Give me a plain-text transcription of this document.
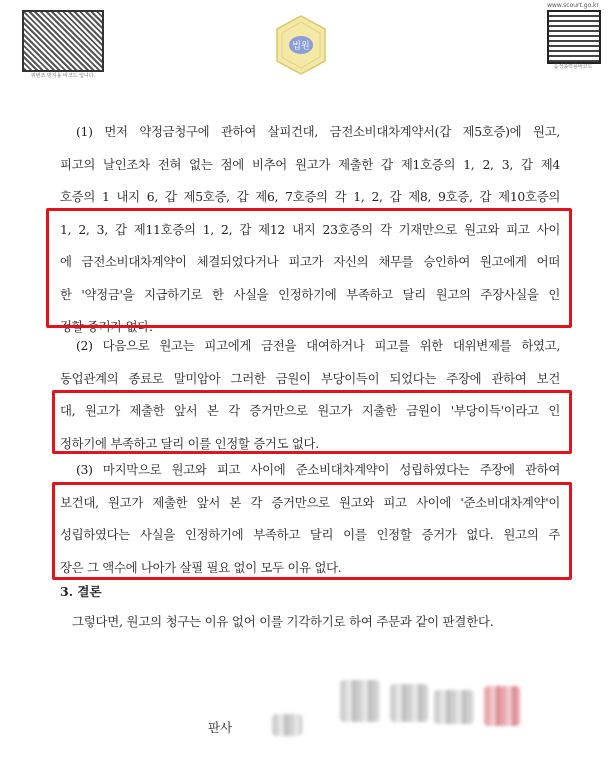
위변조 방지용 바코드 입니다.
법원
www.scourt.go.kr
음성출력용바코드
(1) 먼저 약정금청구에 관하여 살피건대, 금전소비대차계약서(갑 제5호증)에 원고,
피고의 날인조차 전혀 없는 점에 비추어 원고가 제출한 갑 제1호증의 1, 2, 3, 갑 제4
호증의 1 내지 6, 갑 제5호증, 갑 제6, 7호증의 각 1, 2, 갑 제8, 9호증, 갑 제10호증의
1, 2, 3, 갑 제11호증의 1, 2, 갑 제12 내지 23호증의 각 기재만으로 원고와 피고 사이
에 금전소비대차계약이 체결되었다거나 피고가 자신의 채무를 승인하여 원고에게 어떠
한 '약정금'을 지급하기로 한 사실을 인정하기에 부족하고 달리 원고의 주장사실을 인
정할 증거가 없다.
(2) 다음으로 원고는 피고에게 금전을 대여하거나 피고를 위한 대위변제를 하였고,
동업관계의 종료로 말미암아 그러한 금원이 부당이득이 되었다는 주장에 관하여 보건
대, 원고가 제출한 앞서 본 각 증거만으로 원고가 지출한 금원이 '부당이득'이라고 인
정하기에 부족하고 달리 이를 인정할 증거도 없다.
(3) 마지막으로 원고와 피고 사이에 준소비대차계약이 성립하였다는 주장에 관하여
보건대, 원고가 제출한 앞서 본 각 증거만으로 원고와 피고 사이에 '준소비대차계약'이
성립하였다는 사실을 인정하기에 부족하고 달리 이를 인정할 증거가 없다. 원고의 주
장은 그 액수에 나아가 살필 필요 없이 모두 이유 없다.
3. 결론
그렇다면, 원고의 청구는 이유 없어 이를 기각하기로 하여 주문과 같이 판결한다.
판사
